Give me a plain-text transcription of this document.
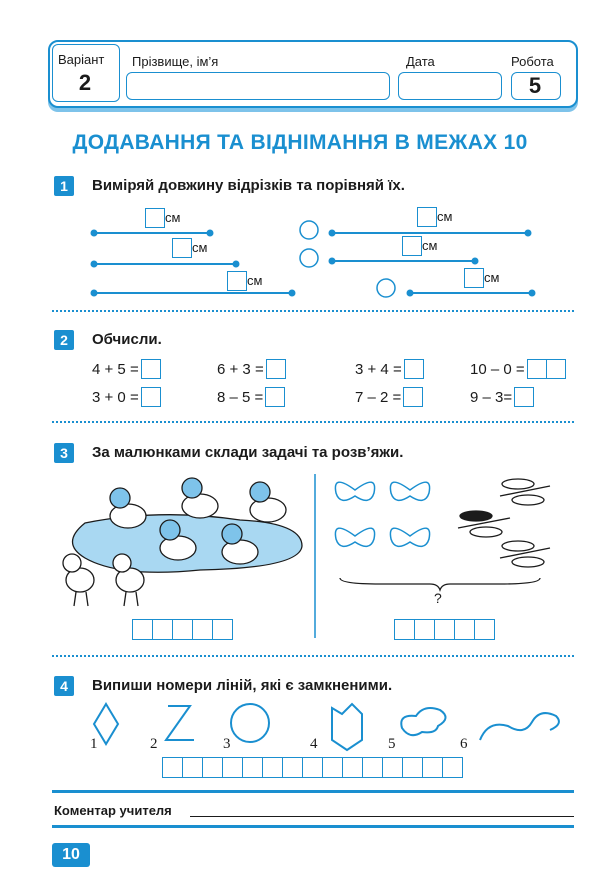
Варіант
2
Прізвище, ім’я	Дата	Робота
5
ДОДАВАННЯ ТА ВІДНІМАННЯ В МЕЖАХ 10
1	Виміряй довжину відрізків та порівняй їх.
см
см
см
см
см
см
2	Обчисли.
4 + 5 =	6 + 3 =	3 + 4 =	10 – 0 =
3 + 0 =	8 – 5 =	7 – 2 =	9 – 3=
3	За малюнками склади задачі та розв’яжи.
?
4	Випиши номери ліній, які є замкненими.
1	2	3	4	5	6
Коментар учителя
10
